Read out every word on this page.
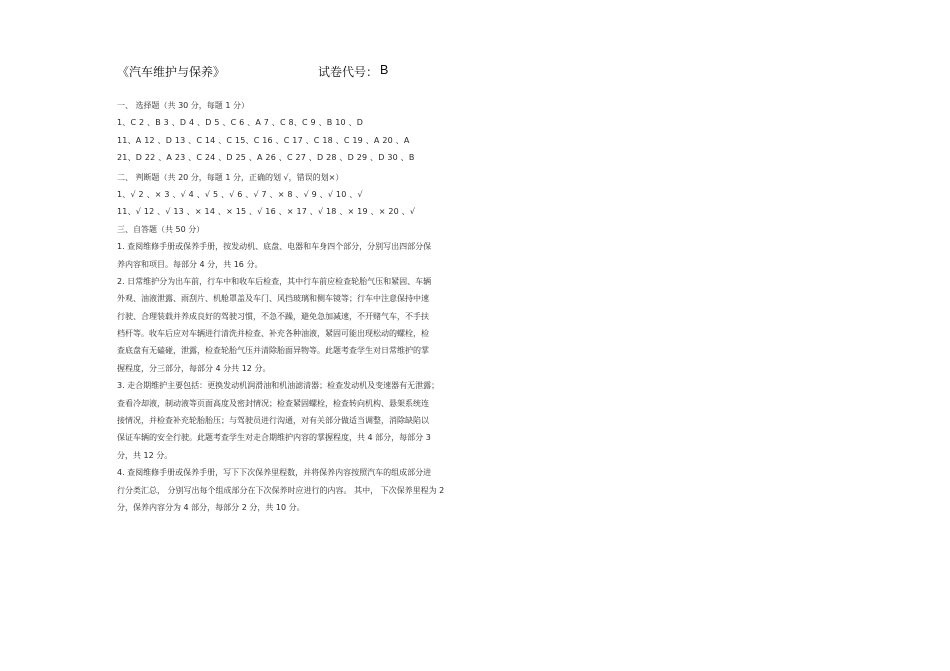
《汽车维护与保养》	试卷代号： B
一、 选择题（共 30 分，每题 1 分）
1、C 2 、B 3 、D 4 、D 5 、C 6 、A 7 、C 8、C 9 、B 10 、D
11、A 12 、D 13 、C 14 、C 15、C 16 、C 17 、C 18 、C 19 、A 20 、A
21、D 22 、A 23 、C 24 、D 25 、A 26 、C 27 、D 28 、D 29 、D 30 、B
二、 判断题（共 20 分，每题 1 分，正确的划 √，错误的划×）
1、√ 2 、× 3 、√ 4 、√ 5 、√ 6 、√ 7 、× 8 、√ 9 、√ 10 、√
11、√ 12 、√ 13 、× 14 、× 15 、√ 16 、× 17 、√ 18 、× 19 、× 20 、√
三、自答题（共 50 分）
1. 查阅维修手册或保养手册，按发动机、底盘、电器和车身四个部分，分别写出四部分保
养内容和项目。每部分 4 分，共 16 分。
2. 日常维护分为出车前，行车中和收车后检查，其中行车前应检查轮胎气压和紧固、车辆
外观、油液泄露、雨刮片、机舱罩盖及车门、风挡玻璃和侧车镜等；行车中注意保持中速
行驶、合理装载并养成良好的驾驶习惯，不急不躁，避免急加减速，不开赌气车，不手扶
档杆等。收车后应对车辆进行清洗并检查、补充各种油液，紧固可能出现松动的螺栓，检
查底盘有无磕碰，泄露，检查轮胎气压并清除胎面异物等。此题考查学生对日常维护的掌
握程度，分三部分，每部分 4 分共 12 分。
3. 走合期维护主要包括：更换发动机润滑油和机油滤清器；检查发动机及变速器有无泄露；
查看冷却液，制动液等页面高度及密封情况；检查紧固螺栓，检查转向机构、悬架系统连
接情况，并检查补充轮胎胎压；与驾驶员进行沟通，对有关部分做适当调整，消除缺陷以
保证车辆的安全行驶。此题考查学生对走合期维护内容的掌握程度，共 4 部分，每部分 3
分，共 12 分。
4. 查阅维修手册或保养手册，写下下次保养里程数，并将保养内容按照汽车的组成部分进
行分类汇总， 分别写出每个组成部分在下次保养时应进行的内容。 其中， 下次保养里程为 2
分，保养内容分为 4 部分，每部分 2 分，共 10 分。
